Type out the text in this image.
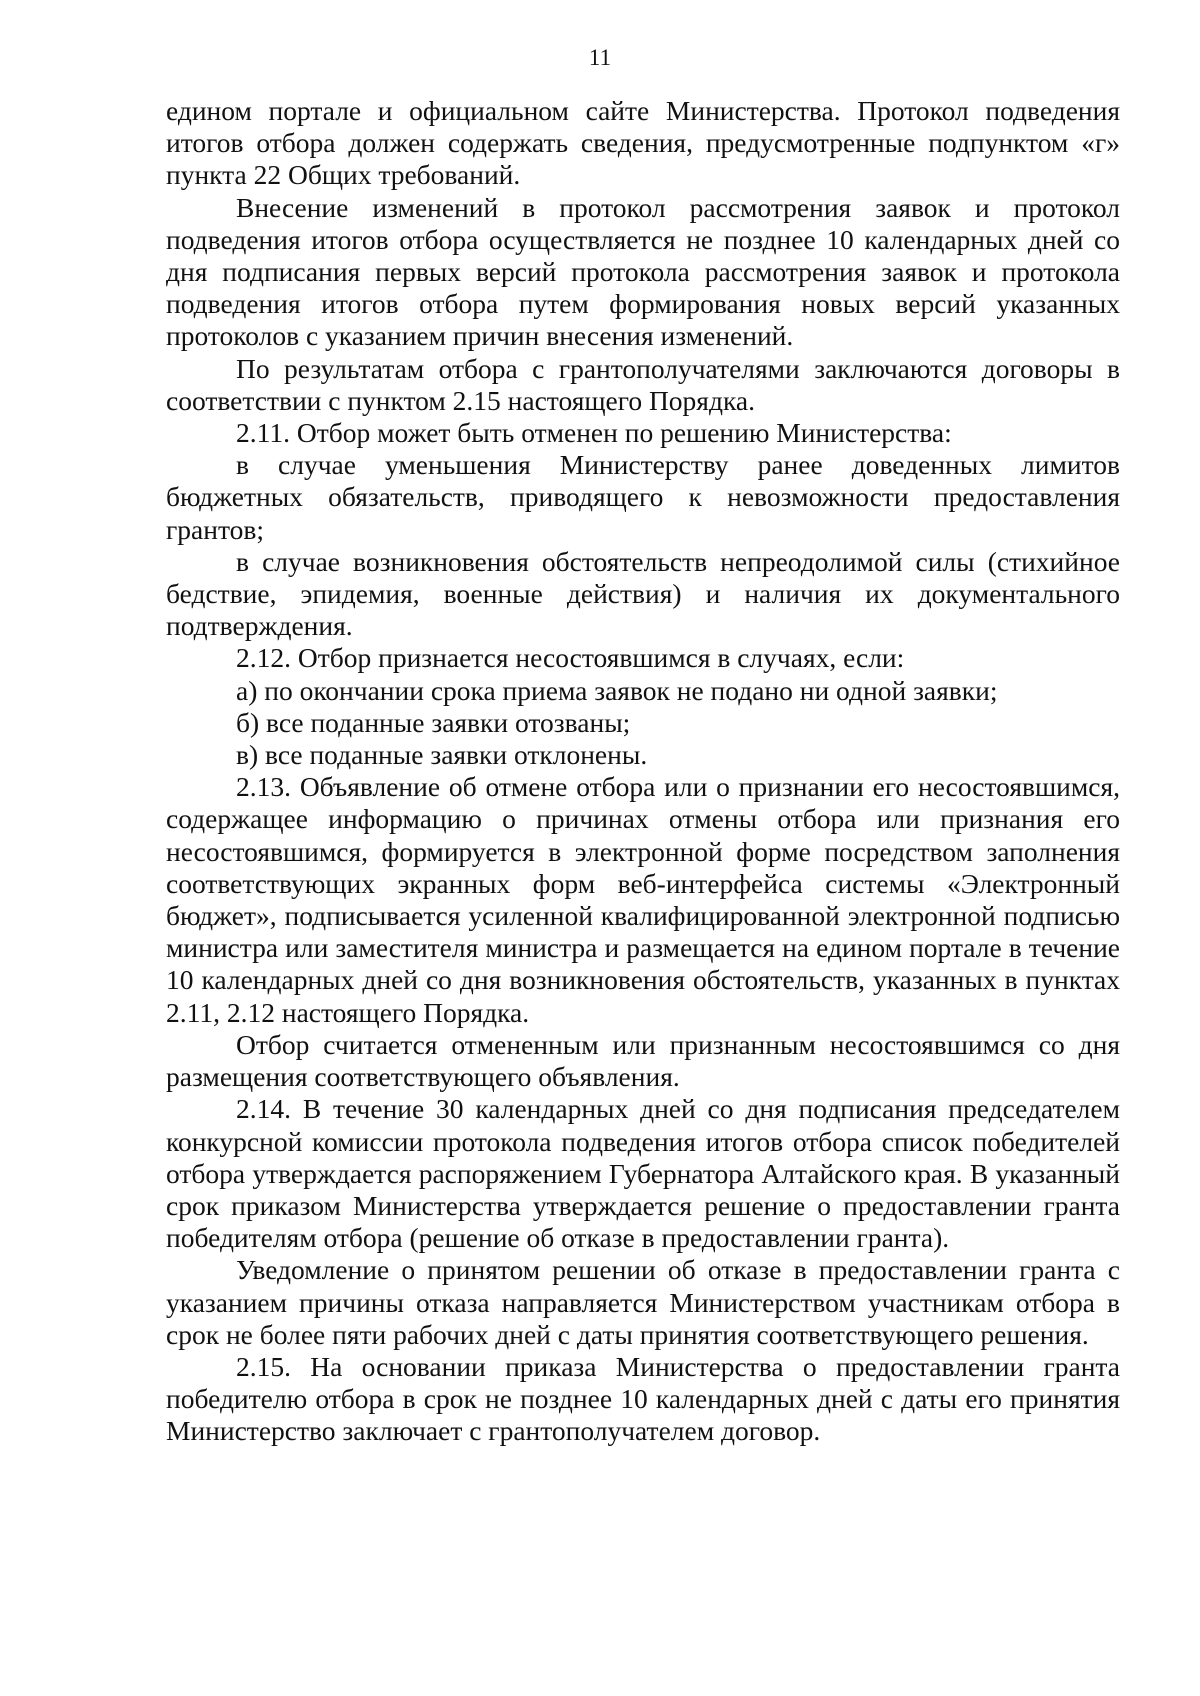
11

едином портале и официальном сайте Министерства. Протокол подведения итогов отбора должен содержать сведения, предусмотренные подпунктом «г» пункта 22 Общих требований.

Внесение изменений в протокол рассмотрения заявок и протокол подведения итогов отбора осуществляется не позднее 10 календарных дней со дня подписания первых версий протокола рассмотрения заявок и протокола подведения итогов отбора путем формирования новых версий указанных протоколов с указанием причин внесения изменений.

По результатам отбора с грантополучателями заключаются договоры в соответствии с пунктом 2.15 настоящего Порядка.

2.11. Отбор может быть отменен по решению Министерства:

в случае уменьшения Министерству ранее доведенных лимитов бюджетных обязательств, приводящего к невозможности предоставления грантов;

в случае возникновения обстоятельств непреодолимой силы (стихийное бедствие, эпидемия, военные действия) и наличия их документального подтверждения.

2.12. Отбор признается несостоявшимся в случаях, если:

а) по окончании срока приема заявок не подано ни одной заявки;

б) все поданные заявки отозваны;

в) все поданные заявки отклонены.

2.13. Объявление об отмене отбора или о признании его несостоявшимся, содержащее информацию о причинах отмены отбора или признания его несостоявшимся, формируется в электронной форме посредством заполнения соответствующих экранных форм веб-интерфейса системы «Электронный бюджет», подписывается усиленной квалифицированной электронной подписью министра или заместителя министра и размещается на едином портале в течение 10 календарных дней со дня возникновения обстоятельств, указанных в пунктах 2.11, 2.12 настоящего Порядка.

Отбор считается отмененным или признанным несостоявшимся со дня размещения соответствующего объявления.

2.14. В течение 30 календарных дней со дня подписания председателем конкурсной комиссии протокола подведения итогов отбора список победителей отбора утверждается распоряжением Губернатора Алтайского края. В указанный срок приказом Министерства утверждается решение о предоставлении гранта победителям отбора (решение об отказе в предоставлении гранта).

Уведомление о принятом решении об отказе в предоставлении гранта с указанием причины отказа направляется Министерством участникам отбора в срок не более пяти рабочих дней с даты принятия соответствующего решения.

2.15. На основании приказа Министерства о предоставлении гранта победителю отбора в срок не позднее 10 календарных дней с даты его принятия Министерство заключает с грантополучателем договор.
